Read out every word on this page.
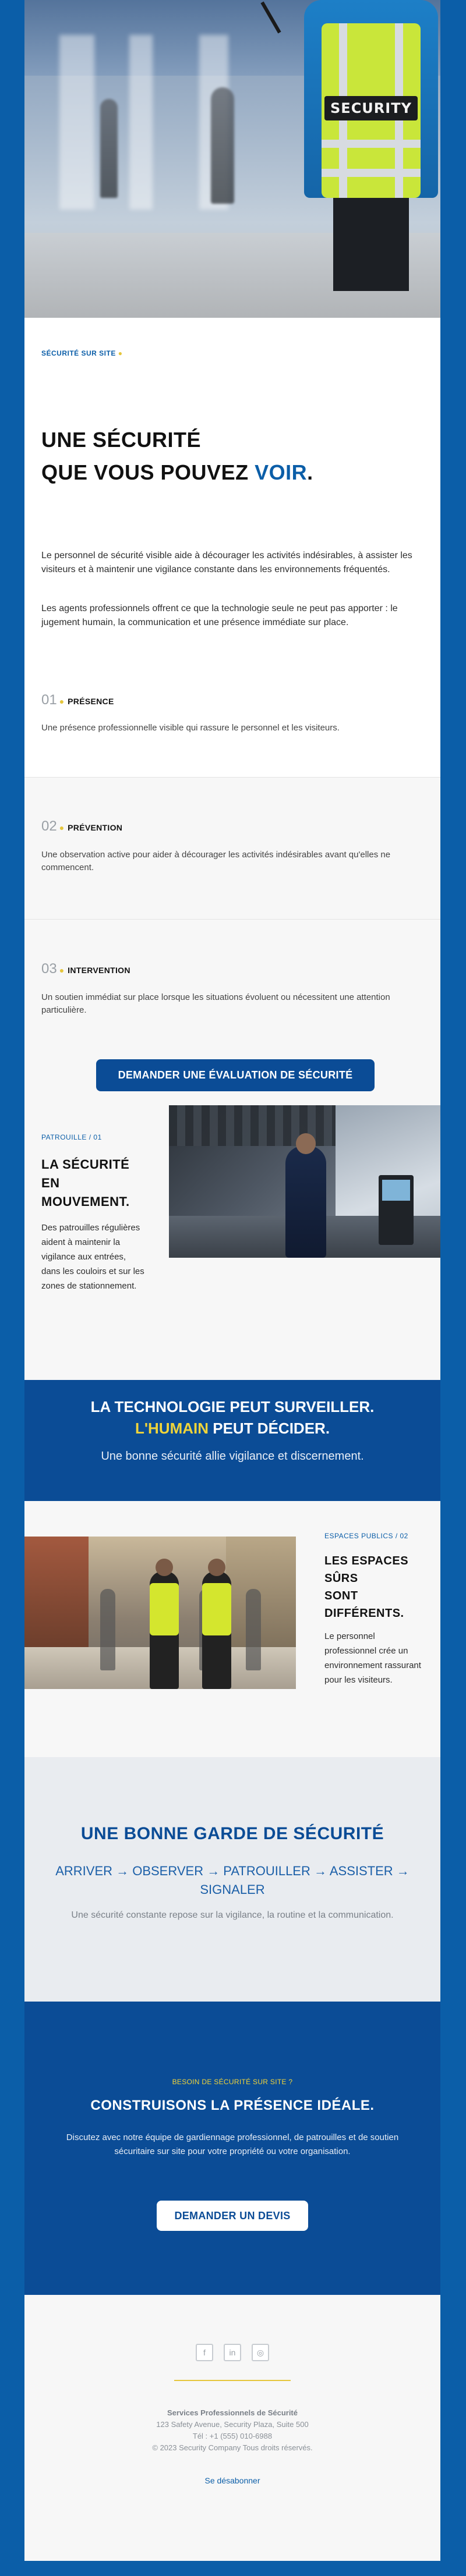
SECURITY
SÉCURITÉ SUR SITE ●
UNE SÉCURITÉ
QUE VOUS POUVEZ VOIR.
Le personnel de sécurité visible aide à décourager les activités indésirables, à assister les visiteurs et à maintenir une vigilance constante dans les environnements fréquentés.
Les agents professionnels offrent ce que la technologie seule ne peut pas apporter : le jugement humain, la communication et une présence immédiate sur place.
01 ● PRÉSENCE
Une présence professionnelle visible qui rassure le personnel et les visiteurs.
02 ● PRÉVENTION
Une observation active pour aider à décourager les activités indésirables avant qu'elles ne commencent.
03 ● INTERVENTION
Un soutien immédiat sur place lorsque les situations évoluent ou nécessitent une attention particulière.
DEMANDER UNE ÉVALUATION DE SÉCURITÉ
PATROUILLE / 01
LA SÉCURITÉ
EN
MOUVEMENT.
Des patrouilles régulières aident à maintenir la vigilance aux entrées, dans les couloirs et sur les zones de stationnement.
LA TECHNOLOGIE PEUT SURVEILLER.
L'HUMAIN PEUT DÉCIDER.
Une bonne sécurité allie vigilance et discernement.
ESPACES PUBLICS / 02
LES ESPACES
SÛRS
SONT
DIFFÉRENTS.
Le personnel professionnel crée un environnement rassurant pour les visiteurs.
UNE BONNE GARDE DE SÉCURITÉ
ARRIVER → OBSERVER → PATROUILLER → ASSISTER → SIGNALER
Une sécurité constante repose sur la vigilance, la routine et la communication.
BESOIN DE SÉCURITÉ SUR SITE ?
CONSTRUISONS LA PRÉSENCE IDÉALE.
Discutez avec notre équipe de gardiennage professionnel, de patrouilles et de soutien sécuritaire sur site pour votre propriété ou votre organisation.
DEMANDER UN DEVIS
f	in	◎
Services Professionnels de Sécurité
123 Safety Avenue, Security Plaza, Suite 500
Tél : +1 (555) 010-6988
© 2023 Security Company Tous droits réservés.
Se désabonner
